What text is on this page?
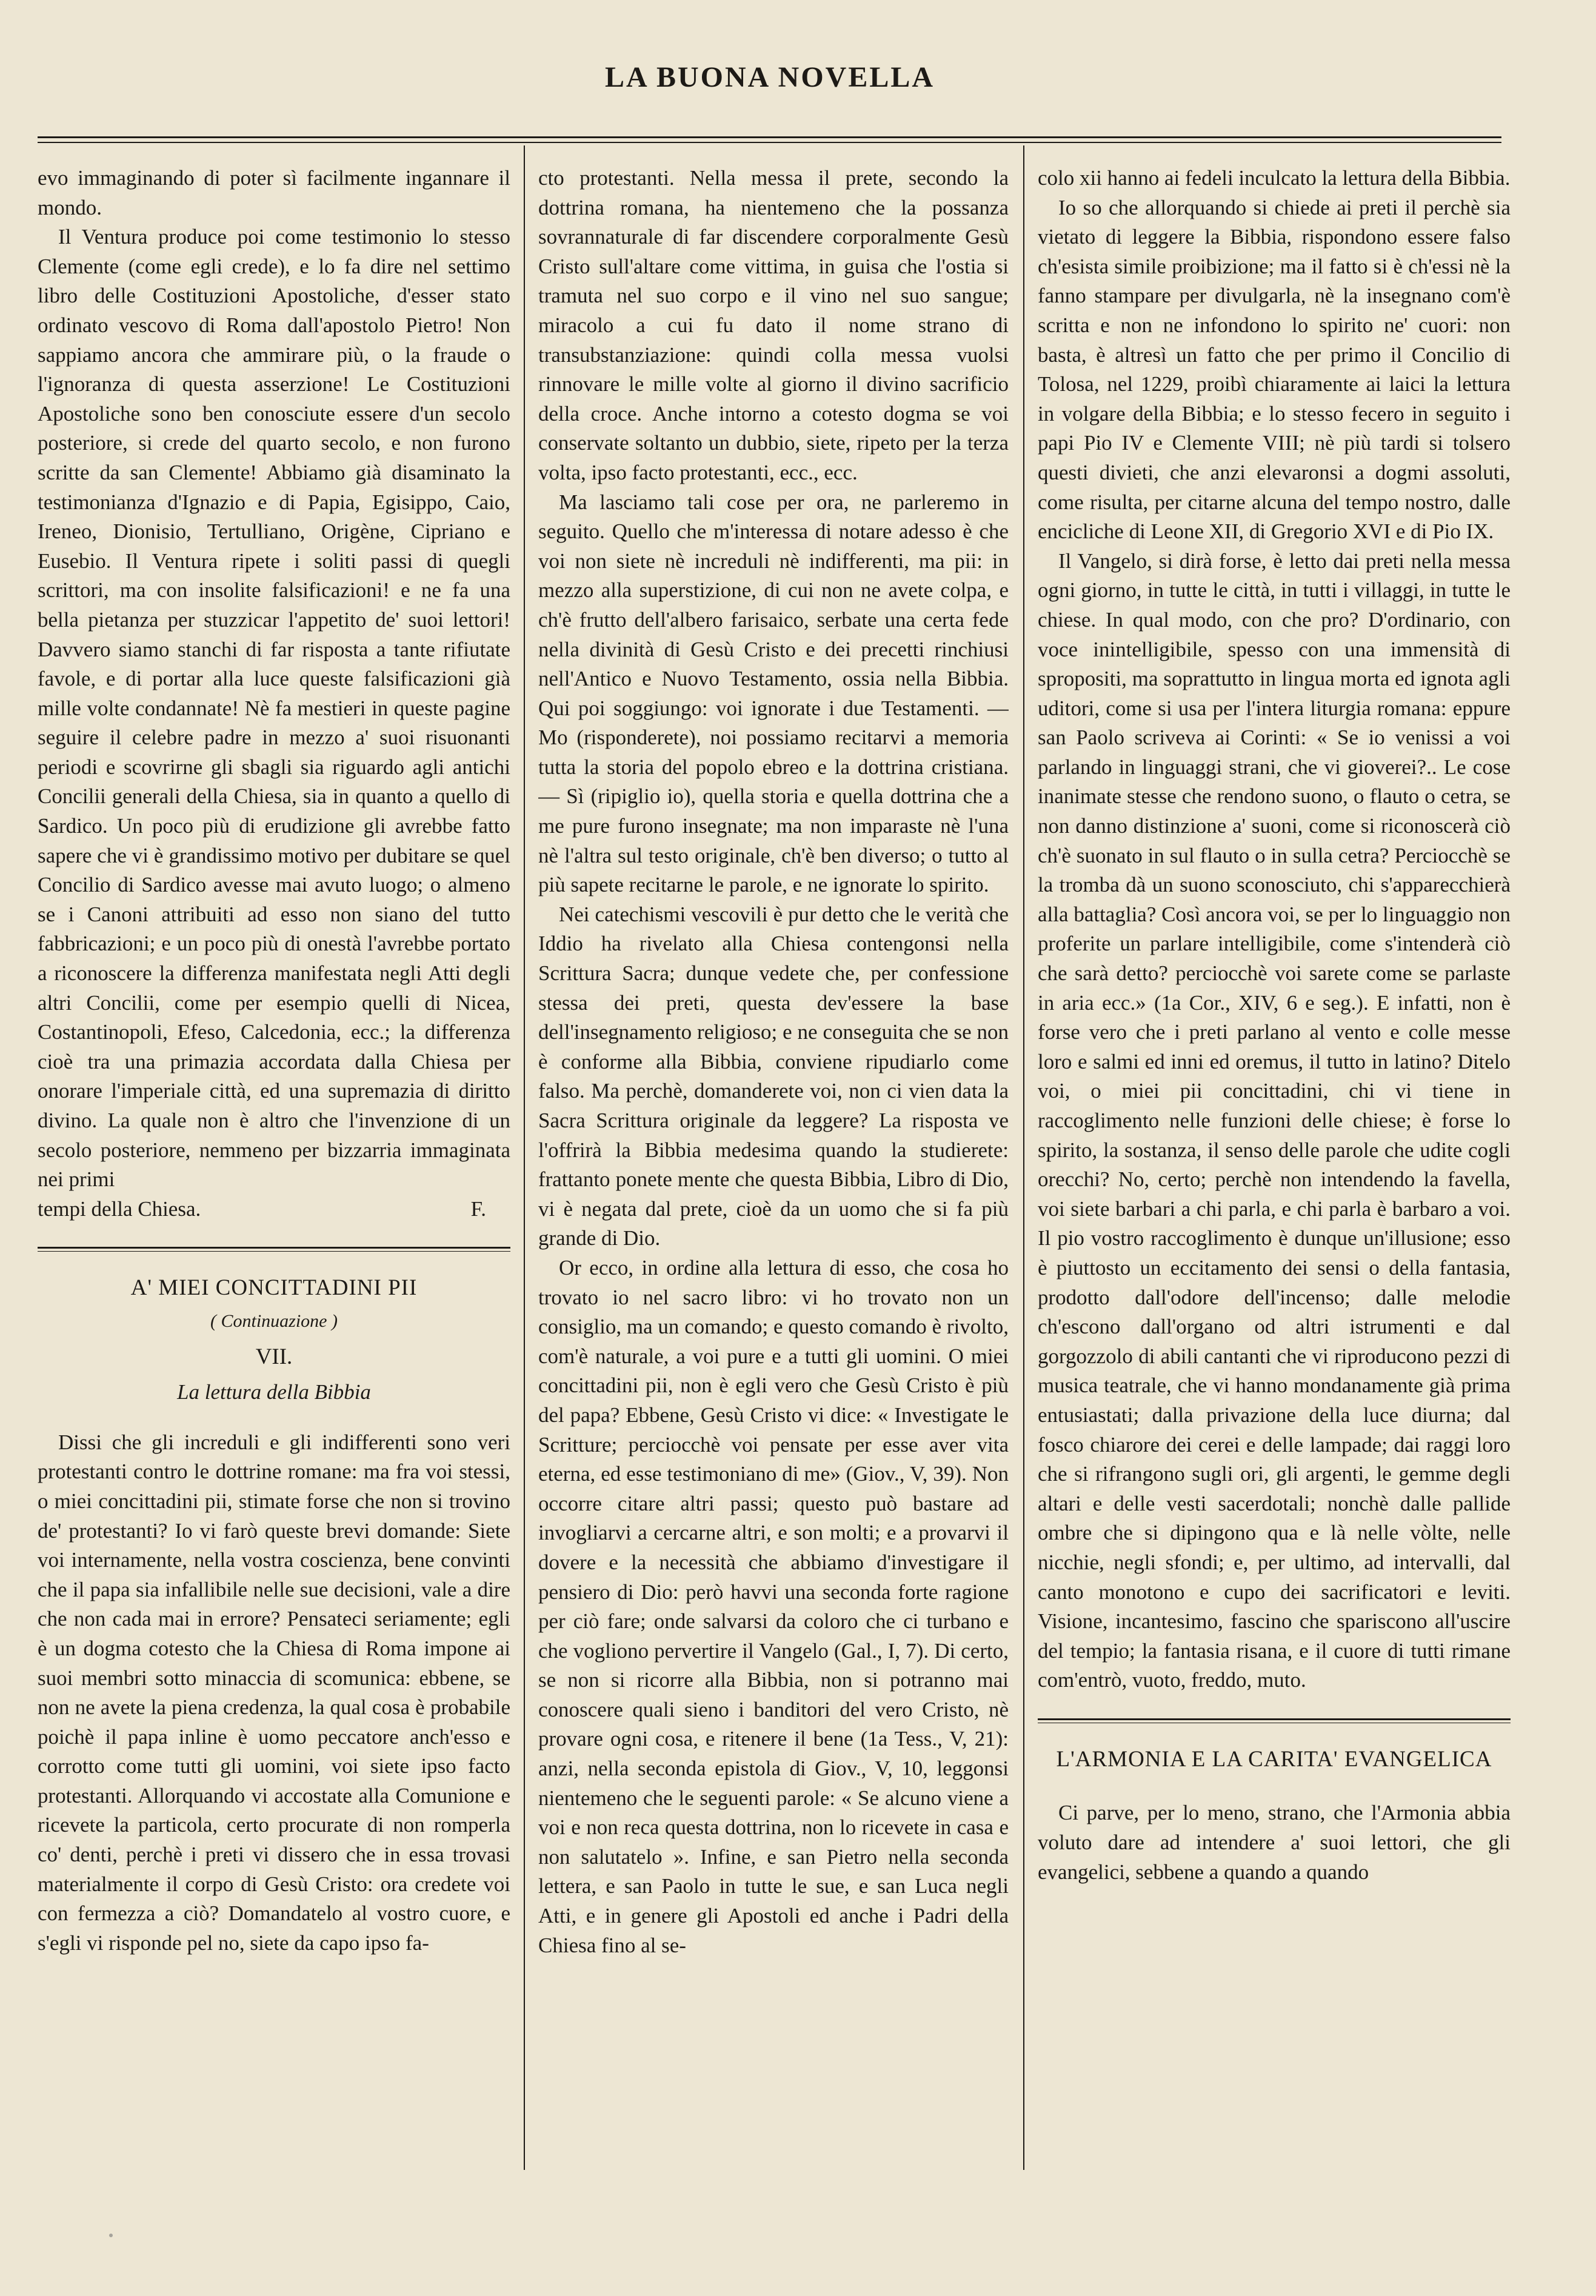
LA BUONA NOVELLA

evo immaginando di poter sì facilmente ingannare il mondo.

Il Ventura produce poi come testimonio lo stesso Clemente (come egli crede), e lo fa dire nel settimo libro delle Costituzioni Apostoliche, d'esser stato ordinato vescovo di Roma dall'apostolo Pietro! Non sappiamo ancora che ammirare più, o la fraude o l'ignoranza di questa asserzione! Le Costituzioni Apostoliche sono ben conosciute essere d'un secolo posteriore, si crede del quarto secolo, e non furono scritte da san Clemente! Abbiamo già disaminato la testimonianza d'Ignazio e di Papia, Egisippo, Caio, Ireneo, Dionisio, Tertulliano, Origène, Cipriano e Eusebio. Il Ventura ripete i soliti passi di quegli scrittori, ma con insolite falsificazioni! e ne fa una bella pietanza per stuzzicar l'appetito de' suoi lettori! Davvero siamo stanchi di far risposta a tante rifiutate favole, e di portar alla luce queste falsificazioni già mille volte condannate! Nè fa mestieri in queste pagine seguire il celebre padre in mezzo a' suoi risuonanti periodi e scovrirne gli sbagli sia riguardo agli antichi Concilii generali della Chiesa, sia in quanto a quello di Sardico. Un poco più di erudizione gli avrebbe fatto sapere che vi è grandissimo motivo per dubitare se quel Concilio di Sardico avesse mai avuto luogo; o almeno se i Canoni attribuiti ad esso non siano del tutto fabbricazioni; e un poco più di onestà l'avrebbe portato a riconoscere la differenza manifestata negli Atti degli altri Concilii, come per esempio quelli di Nicea, Costantinopoli, Efeso, Calcedonia, ecc.; la differenza cioè tra una primazia accordata dalla Chiesa per onorare l'imperiale città, ed una supremazia di diritto divino. La quale non è altro che l'invenzione di un secolo posteriore, nemmeno per bizzarria immaginata nei primi

tempi della Chiesa.	F.
A' MIEI CONCITTADINI PII
( Continuazione )
VII.
La lettura della Bibbia

Dissi che gli increduli e gli indifferenti sono veri protestanti contro le dottrine romane: ma fra voi stessi, o miei concittadini pii, stimate forse che non si trovino de' protestanti? Io vi farò queste brevi domande: Siete voi internamente, nella vostra coscienza, bene convinti che il papa sia infallibile nelle sue decisioni, vale a dire che non cada mai in errore? Pensateci seriamente; egli è un dogma cotesto che la Chiesa di Roma impone ai suoi membri sotto minaccia di scomunica: ebbene, se non ne avete la piena credenza, la qual cosa è probabile poichè il papa inline è uomo peccatore anch'esso e corrotto come tutti gli uomini, voi siete ipso facto protestanti. Allorquando vi accostate alla Comunione e ricevete la particola, certo procurate di non romperla co' denti, perchè i preti vi dissero che in essa trovasi materialmente il corpo di Gesù Cristo: ora credete voi con fermezza a ciò? Domandatelo al vostro cuore, e s'egli vi risponde pel no, siete da capo ipso fa-

cto protestanti. Nella messa il prete, secondo la dottrina romana, ha nientemeno che la possanza sovrannaturale di far discendere corporalmente Gesù Cristo sull'altare come vittima, in guisa che l'ostia si tramuta nel suo corpo e il vino nel suo sangue; miracolo a cui fu dato il nome strano di transubstanziazione: quindi colla messa vuolsi rinnovare le mille volte al giorno il divino sacrificio della croce. Anche intorno a cotesto dogma se voi conservate soltanto un dubbio, siete, ripeto per la terza volta, ipso facto protestanti, ecc., ecc.

Ma lasciamo tali cose per ora, ne parleremo in seguito. Quello che m'interessa di notare adesso è che voi non siete nè increduli nè indifferenti, ma pii: in mezzo alla superstizione, di cui non ne avete colpa, e ch'è frutto dell'albero farisaico, serbate una certa fede nella divinità di Gesù Cristo e dei precetti rinchiusi nell'Antico e Nuovo Testamento, ossia nella Bibbia. Qui poi soggiungo: voi ignorate i due Testamenti. — Mo (risponderete), noi possiamo recitarvi a memoria tutta la storia del popolo ebreo e la dottrina cristiana. — Sì (ripiglio io), quella storia e quella dottrina che a me pure furono insegnate; ma non imparaste nè l'una nè l'altra sul testo originale, ch'è ben diverso; o tutto al più sapete recitarne le parole, e ne ignorate lo spirito.

Nei catechismi vescovili è pur detto che le verità che Iddio ha rivelato alla Chiesa contengonsi nella Scrittura Sacra; dunque vedete che, per confessione stessa dei preti, questa dev'essere la base dell'insegnamento religioso; e ne conseguita che se non è conforme alla Bibbia, conviene ripudiarlo come falso. Ma perchè, domanderete voi, non ci vien data la Sacra Scrittura originale da leggere? La risposta ve l'offrirà la Bibbia medesima quando la studierete: frattanto ponete mente che questa Bibbia, Libro di Dio, vi è negata dal prete, cioè da un uomo che si fa più grande di Dio.

Or ecco, in ordine alla lettura di esso, che cosa ho trovato io nel sacro libro: vi ho trovato non un consiglio, ma un comando; e questo comando è rivolto, com'è naturale, a voi pure e a tutti gli uomini. O miei concittadini pii, non è egli vero che Gesù Cristo è più del papa? Ebbene, Gesù Cristo vi dice: « Investigate le Scritture; perciocchè voi pensate per esse aver vita eterna, ed esse testimoniano di me» (Giov., V, 39). Non occorre citare altri passi; questo può bastare ad invogliarvi a cercarne altri, e son molti; e a provarvi il dovere e la necessità che abbiamo d'investigare il pensiero di Dio: però havvi una seconda forte ragione per ciò fare; onde salvarsi da coloro che ci turbano e che vogliono pervertire il Vangelo (Gal., I, 7). Di certo, se non si ricorre alla Bibbia, non si potranno mai conoscere quali sieno i banditori del vero Cristo, nè provare ogni cosa, e ritenere il bene (1a Tess., V, 21): anzi, nella seconda epistola di Giov., V, 10, leggonsi nientemeno che le seguenti parole: « Se alcuno viene a voi e non reca questa dottrina, non lo ricevete in casa e non salutatelo ». Infine, e san Pietro nella seconda lettera, e san Paolo in tutte le sue, e san Luca negli Atti, e in genere gli Apostoli ed anche i Padri della Chiesa fino al se-

colo xii hanno ai fedeli inculcato la lettura della Bibbia.

Io so che allorquando si chiede ai preti il perchè sia vietato di leggere la Bibbia, rispondono essere falso ch'esista simile proibizione; ma il fatto si è ch'essi nè la fanno stampare per divulgarla, nè la insegnano com'è scritta e non ne infondono lo spirito ne' cuori: non basta, è altresì un fatto che per primo il Concilio di Tolosa, nel 1229, proibì chiaramente ai laici la lettura in volgare della Bibbia; e lo stesso fecero in seguito i papi Pio IV e Clemente VIII; nè più tardi si tolsero questi divieti, che anzi elevaronsi a dogmi assoluti, come risulta, per citarne alcuna del tempo nostro, dalle encicliche di Leone XII, di Gregorio XVI e di Pio IX.

Il Vangelo, si dirà forse, è letto dai preti nella messa ogni giorno, in tutte le città, in tutti i villaggi, in tutte le chiese. In qual modo, con che pro? D'ordinario, con voce inintelligibile, spesso con una immensità di spropositi, ma soprattutto in lingua morta ed ignota agli uditori, come si usa per l'intera liturgia romana: eppure san Paolo scriveva ai Corinti: « Se io venissi a voi parlando in linguaggi strani, che vi gioverei?.. Le cose inanimate stesse che rendono suono, o flauto o cetra, se non danno distinzione a' suoni, come si riconoscerà ciò ch'è suonato in sul flauto o in sulla cetra? Perciocchè se la tromba dà un suono sconosciuto, chi s'apparecchierà alla battaglia? Così ancora voi, se per lo linguaggio non proferite un parlare intelligibile, come s'intenderà ciò che sarà detto? perciocchè voi sarete come se parlaste in aria ecc.» (1a Cor., XIV, 6 e seg.). E infatti, non è forse vero che i preti parlano al vento e colle messe loro e salmi ed inni ed oremus, il tutto in latino? Ditelo voi, o miei pii concittadini, chi vi tiene in raccoglimento nelle funzioni delle chiese; è forse lo spirito, la sostanza, il senso delle parole che udite cogli orecchi? No, certo; perchè non intendendo la favella, voi siete barbari a chi parla, e chi parla è barbaro a voi. Il pio vostro raccoglimento è dunque un'illusione; esso è piuttosto un eccitamento dei sensi o della fantasia, prodotto dall'odore dell'incenso; dalle melodie ch'escono dall'organo od altri istrumenti e dal gorgozzolo di abili cantanti che vi riproducono pezzi di musica teatrale, che vi hanno mondanamente già prima entusiastati; dalla privazione della luce diurna; dal fosco chiarore dei cerei e delle lampade; dai raggi loro che si rifrangono sugli ori, gli argenti, le gemme degli altari e delle vesti sacerdotali; nonchè dalle pallide ombre che si dipingono qua e là nelle vòlte, nelle nicchie, negli sfondi; e, per ultimo, ad intervalli, dal canto monotono e cupo dei sacrificatori e leviti. Visione, incantesimo, fascino che spariscono all'uscire del tempio; la fantasia risana, e il cuore di tutti rimane com'entrò, vuoto, freddo, muto.

L'ARMONIA E LA CARITA' EVANGELICA

Ci parve, per lo meno, strano, che l'Armonia abbia voluto dare ad intendere a' suoi lettori, che gli evangelici, sebbene a quando a quando
